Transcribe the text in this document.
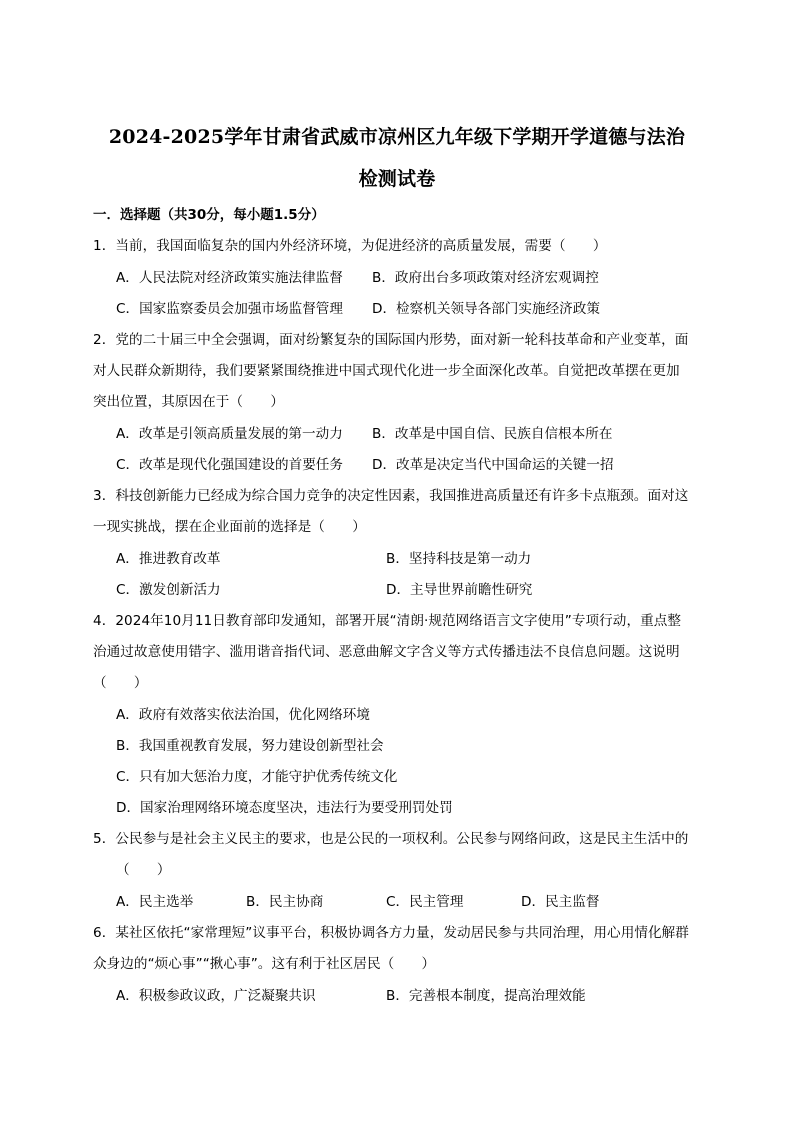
2024-2025学年甘肃省武威市凉州区九年级下学期开学道德与法治
检测试卷
一．选择题（共30分，每小题1.5分）
1．当前，我国面临复杂的国内外经济环境，为促进经济的高质量发展，需要（　　）
A．人民法院对经济政策实施法律监督 B．政府出台多项政策对经济宏观调控
C．国家监察委员会加强市场监督管理 D．检察机关领导各部门实施经济政策
2．党的二十届三中全会强调，面对纷繁复杂的国际国内形势，面对新一轮科技革命和产业变革，面
对人民群众新期待，我们要紧紧围绕推进中国式现代化进一步全面深化改革。自觉把改革摆在更加
突出位置，其原因在于（　　）
A．改革是引领高质量发展的第一动力 B．改革是中国自信、民族自信根本所在
C．改革是现代化强国建设的首要任务 D．改革是决定当代中国命运的关键一招
3．科技创新能力已经成为综合国力竞争的决定性因素，我国推进高质量还有许多卡点瓶颈。面对这
一现实挑战，摆在企业面前的选择是（　　）
A．推进教育改革	B．坚持科技是第一动力
C．激发创新活力	D．主导世界前瞻性研究
4．2024年10月11日教育部印发通知，部署开展“清朗·规范网络语言文字使用”专项行动，重点整
治通过故意使用错字、滥用谐音指代词、恶意曲解文字含义等方式传播违法不良信息问题。这说明
（　　）
A．政府有效落实依法治国，优化网络环境
B．我国重视教育发展，努力建设创新型社会
C．只有加大惩治力度，才能守护优秀传统文化
D．国家治理网络环境态度坚决，违法行为要受刑罚处罚
5．公民参与是社会主义民主的要求，也是公民的一项权利。公民参与网络问政，这是民主生活中的
（　　）
A．民主选举	B．民主协商	C．民主管理	D．民主监督
6．某社区依托“家常理短”议事平台，积极协调各方力量，发动居民参与共同治理，用心用情化解群
众身边的“烦心事”“揪心事”。这有利于社区居民（　　）
A．积极参政议政，广泛凝聚共识	B．完善根本制度，提高治理效能
